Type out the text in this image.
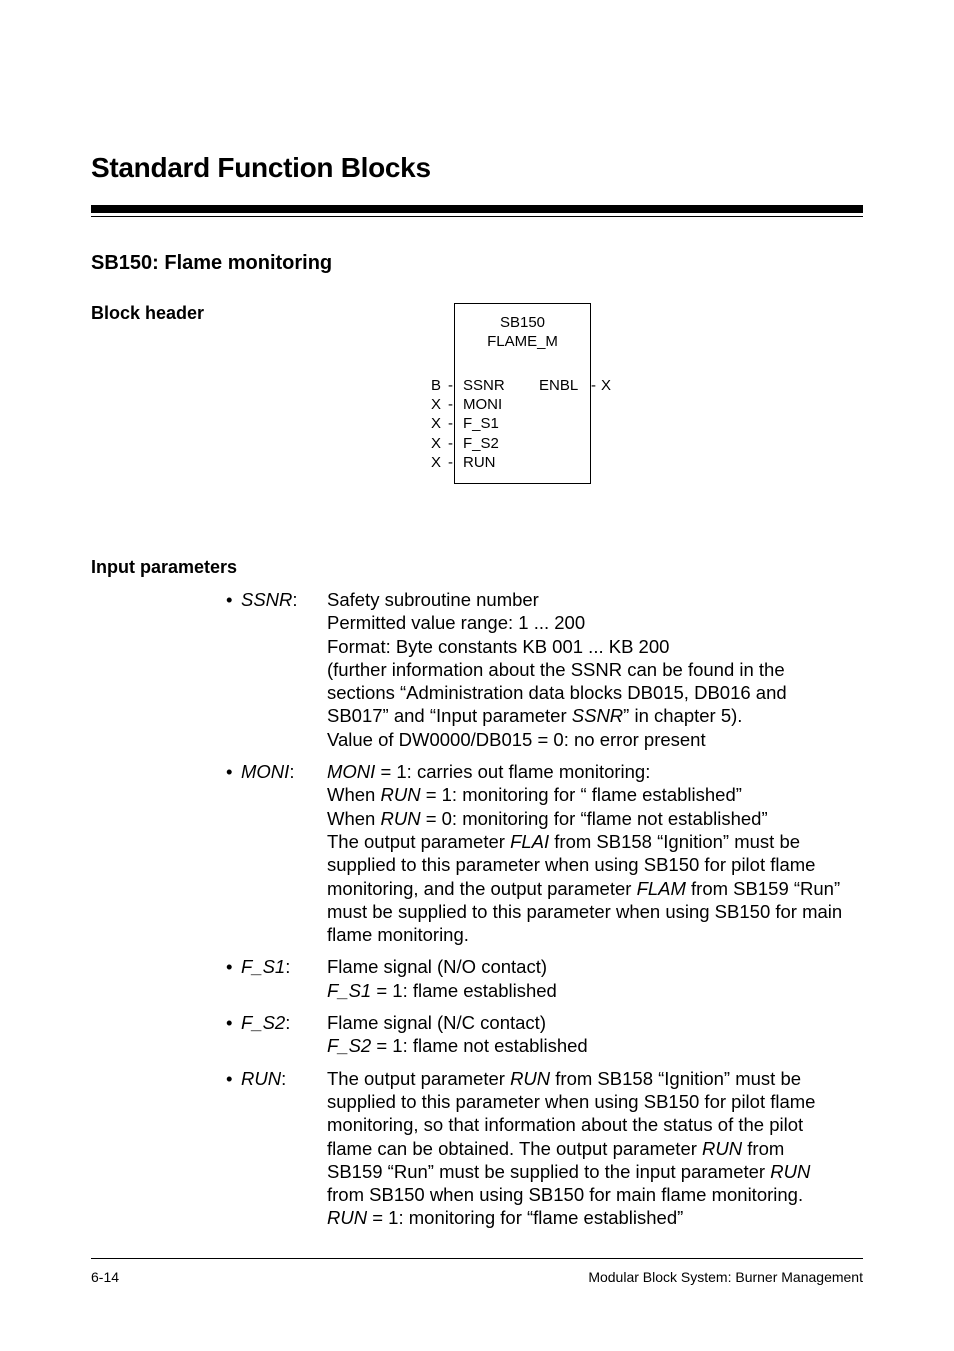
Standard Function Blocks
SB150: Flame monitoring
Block header	SB150
FLAME_M
B - SSNR
X - MONI
X - F_S1
X - F_S2
X - RUN
ENBL - X
Input parameters
• SSNR: Safety subroutine number
Permitted value range: 1 ... 200
Format: Byte constants KB 001 ... KB 200
(further information about the SSNR can be found in the
sections “Administration data blocks DB015, DB016 and
SB017” and “Input parameter SSNR” in chapter 5).
Value of DW0000/DB015 = 0: no error present
• MONI: MONI = 1: carries out flame monitoring:
When RUN = 1: monitoring for “ flame established”
When RUN = 0: monitoring for “flame not established”
The output parameter FLAI from SB158 “Ignition” must be
supplied to this parameter when using SB150 for pilot flame
monitoring, and the output parameter FLAM from SB159 “Run”
must be supplied to this parameter when using SB150 for main
flame monitoring.
• F_S1: Flame signal (N/O contact)
F_S1 = 1: flame established
• F_S2: Flame signal (N/C contact)
F_S2 = 1: flame not established
• RUN: The output parameter RUN from SB158 “Ignition” must be
supplied to this parameter when using SB150 for pilot flame
monitoring, so that information about the status of the pilot
flame can be obtained. The output parameter RUN from
SB159 “Run” must be supplied to the input parameter RUN
from SB150 when using SB150 for main flame monitoring.
RUN = 1: monitoring for “flame established”
6-14	Modular Block System: Burner Management
